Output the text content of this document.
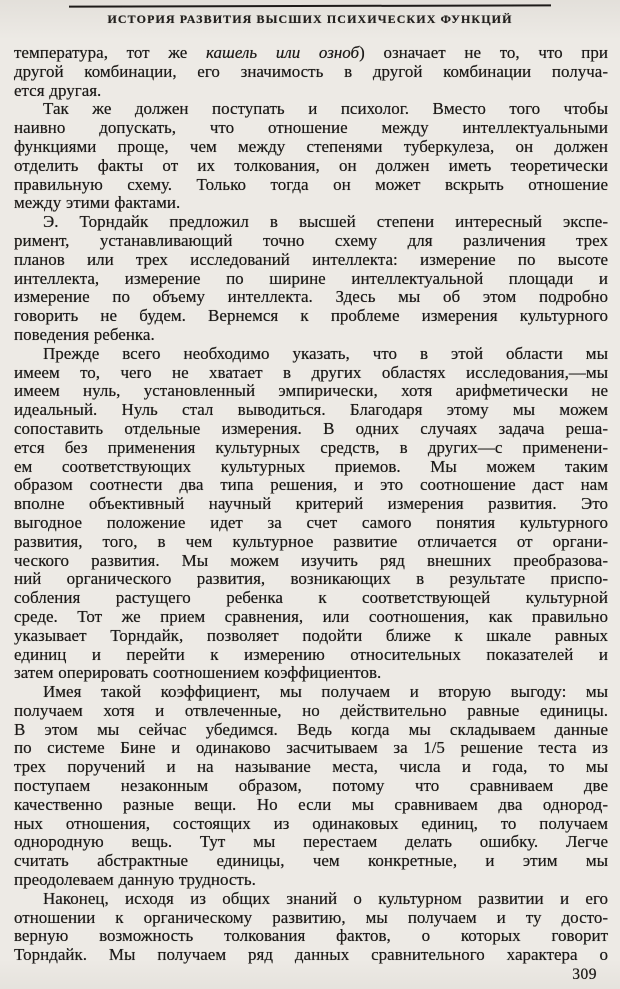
ИСТОРИЯ РАЗВИТИЯ ВЫСШИХ ПСИХИЧЕСКИХ ФУНКЦИЙ
температура, тот же кашель или озноб) означает не то, что при
другой комбинации, его значимость в другой комбинации получа-
ется другая.
Так же должен поступать и психолог. Вместо того чтобы
наивно допускать, что отношение между интеллектуальными
функциями проще, чем между степенями туберкулеза, он должен
отделить факты от их толкования, он должен иметь теоретически
правильную схему. Только тогда он может вскрыть отношение
между этими фактами.
Э. Торндайк предложил в высшей степени интересный экспе-
римент, устанавливающий точно схему для различения трех
планов или трех исследований интеллекта: измерение по высоте
интеллекта, измерение по ширине интеллектуальной площади и
измерение по объему интеллекта. Здесь мы об этом подробно
говорить не будем. Вернемся к проблеме измерения культурного
поведения ребенка.
Прежде всего необходимо указать, что в этой области мы
имеем то, чего не хватает в других областях исследования,—мы
имеем нуль, установленный эмпирически, хотя арифметически не
идеальный. Нуль стал выводиться. Благодаря этому мы можем
сопоставить отдельные измерения. В одних случаях задача реша-
ется без применения культурных средств, в других—с применени-
ем соответствующих культурных приемов. Мы можем таким
образом соотнести два типа решения, и это соотношение даст нам
вполне объективный научный критерий измерения развития. Это
выгодное положение идет за счет самого понятия культурного
развития, того, в чем культурное развитие отличается от органи-
ческого развития. Мы можем изучить ряд внешних преобразова-
ний органического развития, возникающих в результате приспо-
собления растущего ребенка к соответствующей культурной
среде. Тот же прием сравнения, или соотношения, как правильно
указывает Торндайк, позволяет подойти ближе к шкале равных
единиц и перейти к измерению относительных показателей и
затем оперировать соотношением коэффициентов.
Имея такой коэффициент, мы получаем и вторую выгоду: мы
получаем хотя и отвлеченные, но действительно равные единицы.
В этом мы сейчас убедимся. Ведь когда мы складываем данные
по системе Бине и одинаково засчитываем за 1/5 решение теста из
трех поручений и на называние места, числа и года, то мы
поступаем незаконным образом, потому что сравниваем две
качественно разные вещи. Но если мы сравниваем два однород-
ных отношения, состоящих из одинаковых единиц, то получаем
однородную вещь. Тут мы перестаем делать ошибку. Легче
считать абстрактные единицы, чем конкретные, и этим мы
преодолеваем данную трудность.
Наконец, исходя из общих знаний о культурном развитии и его
отношении к органическому развитию, мы получаем и ту досто-
верную возможность толкования фактов, о которых говорит
Торндайк. Мы получаем ряд данных сравнительного характера о
309
